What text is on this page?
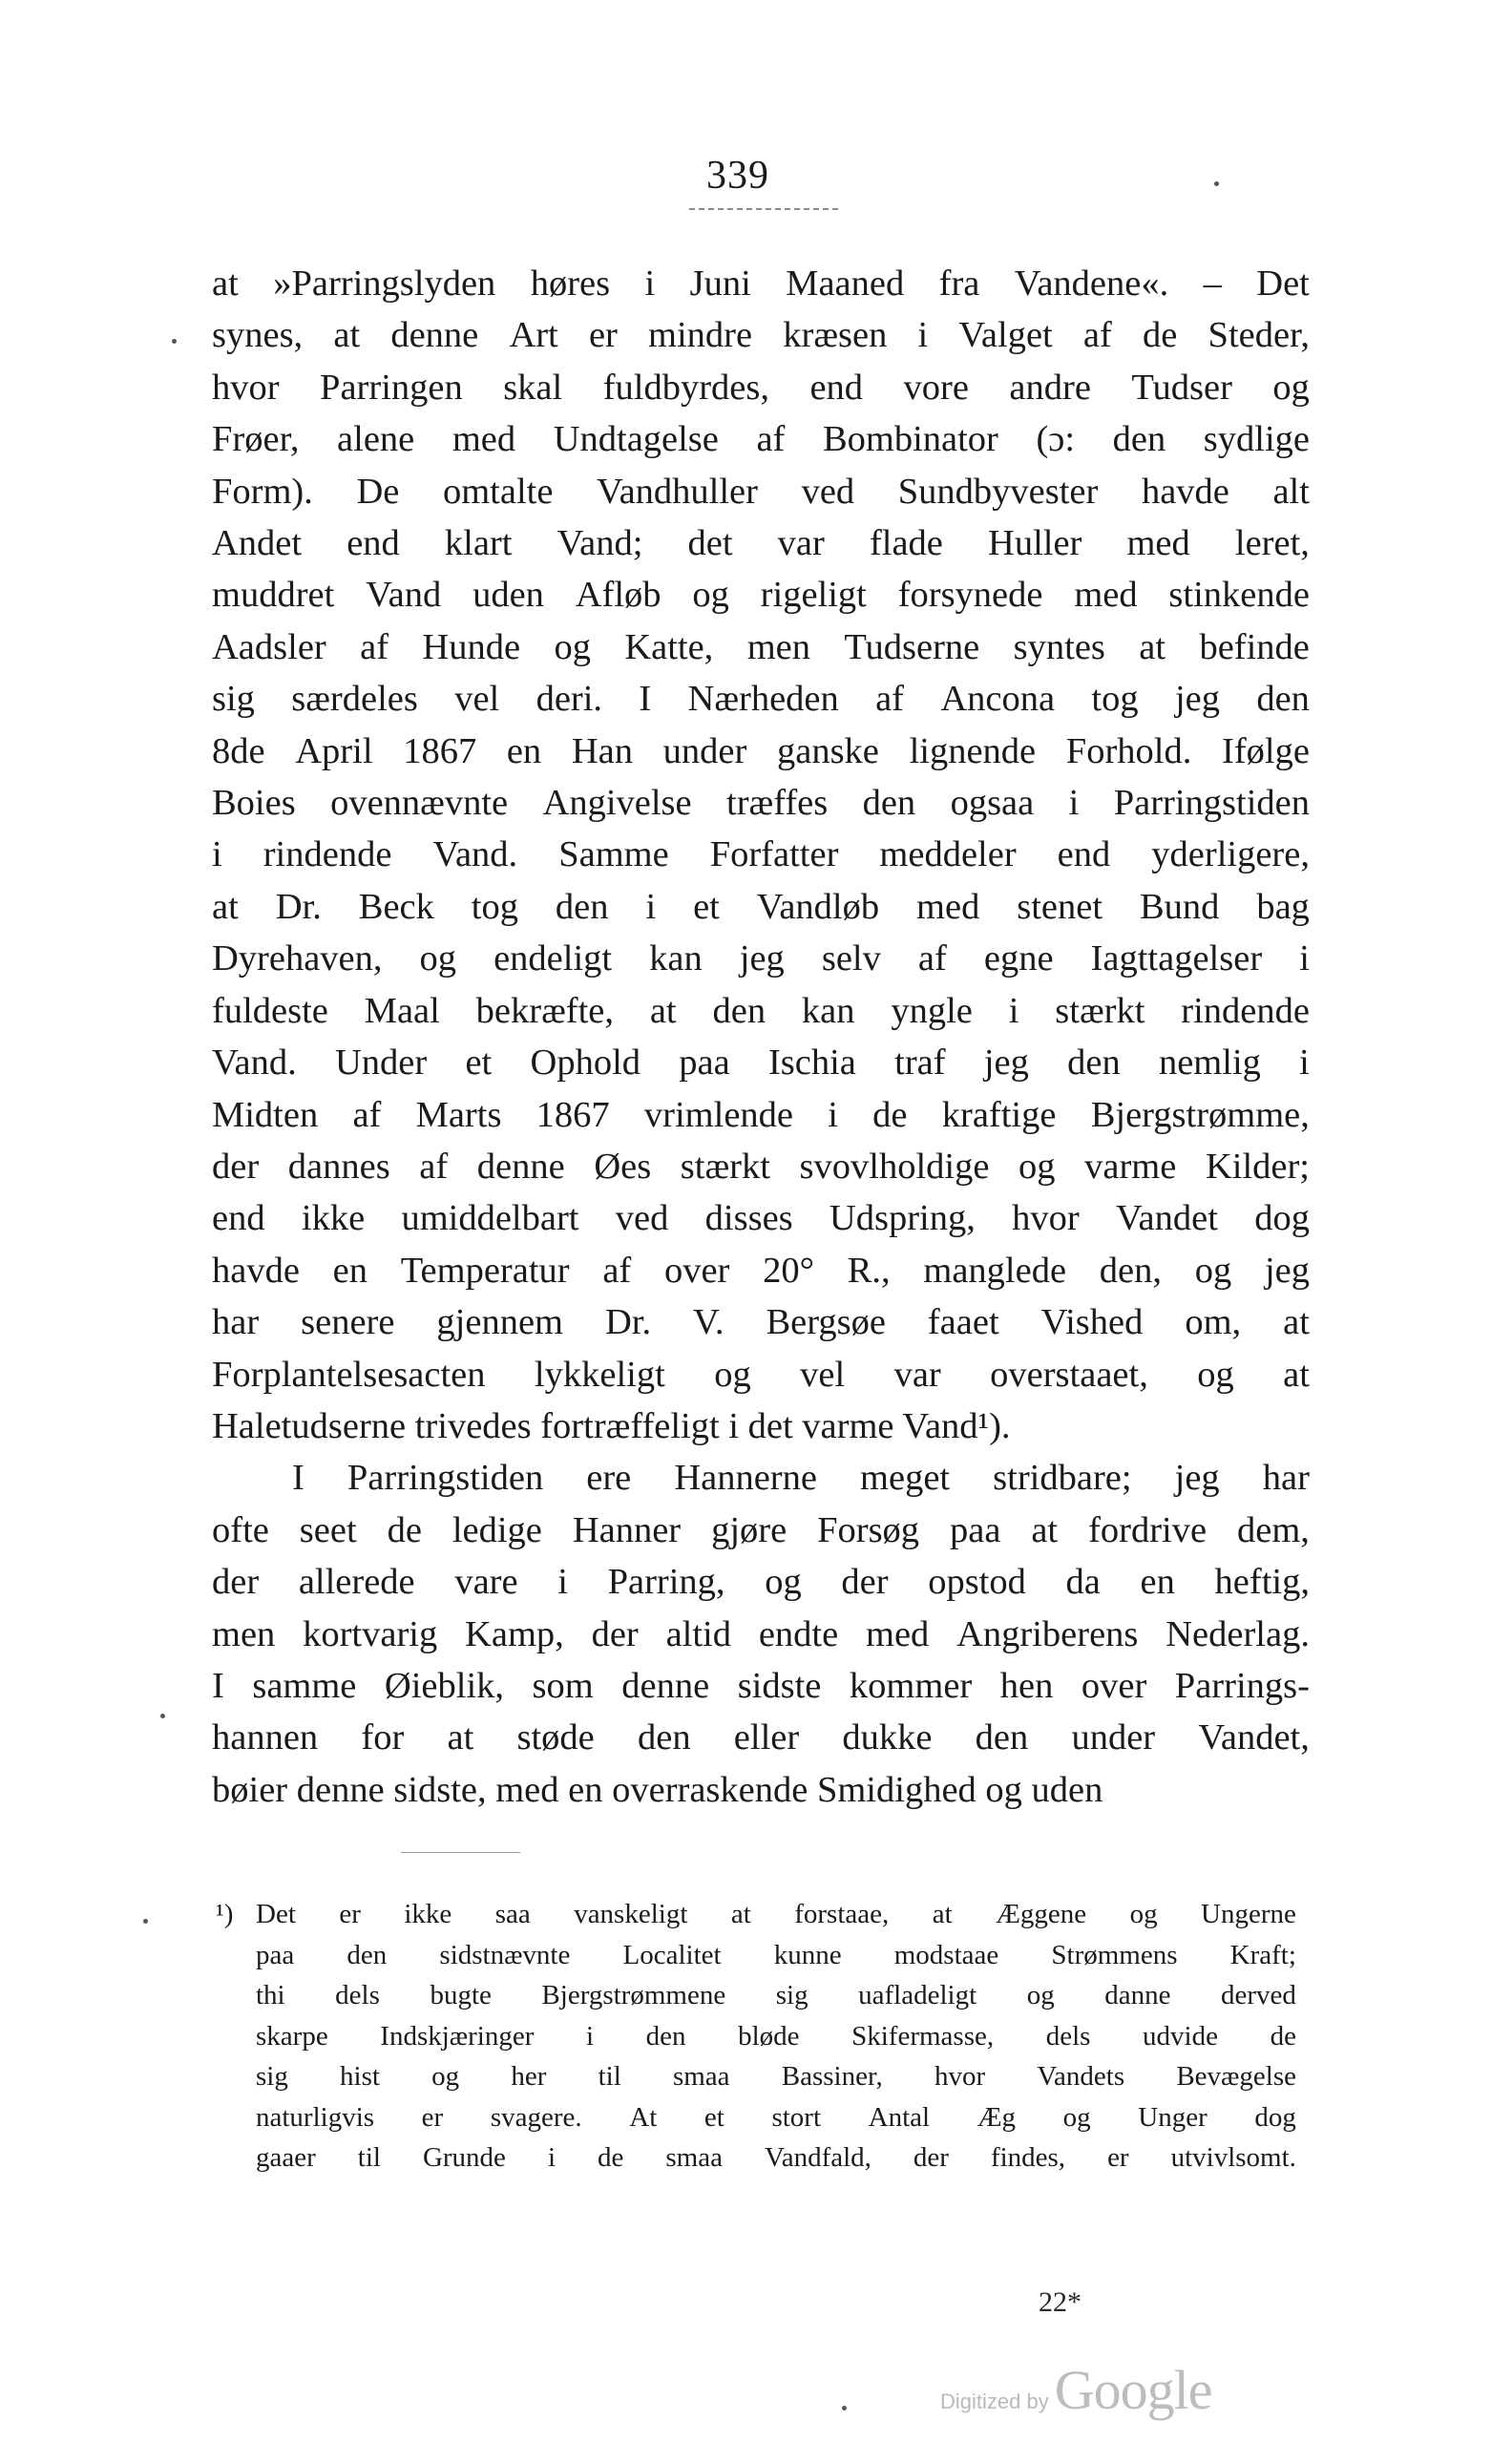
339
at »Parringslyden høres i Juni Maaned fra Vandene«. – Det
synes, at denne Art er mindre kræsen i Valget af de Steder,
hvor Parringen skal fuldbyrdes, end vore andre Tudser og
Frøer, alene med Undtagelse af Bombinator (ɔ: den sydlige
Form). De omtalte Vandhuller ved Sundbyvester havde alt
Andet end klart Vand; det var flade Huller med leret,
muddret Vand uden Afløb og rigeligt forsynede med stinkende
Aadsler af Hunde og Katte, men Tudserne syntes at befinde
sig særdeles vel deri. I Nærheden af Ancona tog jeg den
8de April 1867 en Han under ganske lignende Forhold. Ifølge
Boies ovennævnte Angivelse træffes den ogsaa i Parringstiden
i rindende Vand. Samme Forfatter meddeler end yderligere,
at Dr. Beck tog den i et Vandløb med stenet Bund bag
Dyrehaven, og endeligt kan jeg selv af egne Iagttagelser i
fuldeste Maal bekræfte, at den kan yngle i stærkt rindende
Vand. Under et Ophold paa Ischia traf jeg den nemlig i
Midten af Marts 1867 vrimlende i de kraftige Bjergstrømme,
der dannes af denne Øes stærkt svovlholdige og varme Kilder;
end ikke umiddelbart ved disses Udspring, hvor Vandet dog
havde en Temperatur af over 20° R., manglede den, og jeg
har senere gjennem Dr. V. Bergsøe faaet Vished om, at
Forplantelsesacten lykkeligt og vel var overstaaet, og at
Haletudserne trivedes fortræffeligt i det varme Vand¹).
I Parringstiden ere Hannerne meget stridbare; jeg har
ofte seet de ledige Hanner gjøre Forsøg paa at fordrive dem,
der allerede vare i Parring, og der opstod da en heftig,
men kortvarig Kamp, der altid endte med Angriberens Nederlag.
I samme Øieblik, som denne sidste kommer hen over Parrings-
hannen for at støde den eller dukke den under Vandet,
bøier denne sidste, med en overraskende Smidighed og uden
¹) Det er ikke saa vanskeligt at forstaae, at Æggene og Ungerne
paa den sidstnævnte Localitet kunne modstaae Strømmens Kraft;
thi dels bugte Bjergstrømmene sig uafladeligt og danne derved
skarpe Indskjæringer i den bløde Skifermasse, dels udvide de
sig hist og her til smaa Bassiner, hvor Vandets Bevægelse
naturligvis er svagere. At et stort Antal Æg og Unger dog
gaaer til Grunde i de smaa Vandfald, der findes, er utvivlsomt.
22*
Digitized by Google
